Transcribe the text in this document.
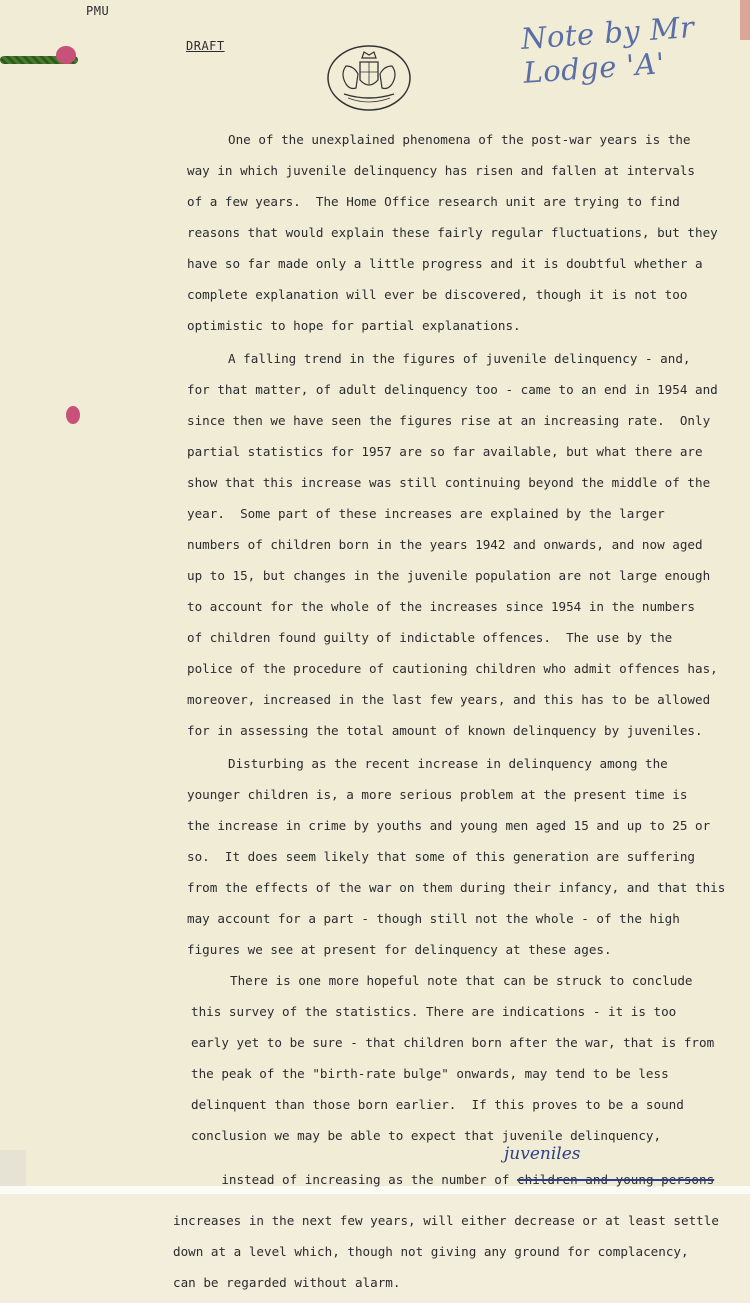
PMU
DRAFT	Note by Mr Lodge 'A'
One of the unexplained phenomena of the post-war years is the
way in which juvenile delinquency has risen and fallen at intervals
of a few years.  The Home Office research unit are trying to find
reasons that would explain these fairly regular fluctuations, but they
have so far made only a little progress and it is doubtful whether a
complete explanation will ever be discovered, though it is not too
optimistic to hope for partial explanations.
A falling trend in the figures of juvenile delinquency - and,
for that matter, of adult delinquency too - came to an end in 1954 and
since then we have seen the figures rise at an increasing rate.  Only
partial statistics for 1957 are so far available, but what there are
show that this increase was still continuing beyond the middle of the
year.  Some part of these increases are explained by the larger
numbers of children born in the years 1942 and onwards, and now aged
up to 15, but changes in the juvenile population are not large enough
to account for the whole of the increases since 1954 in the numbers
of children found guilty of indictable offences.  The use by the
police of the procedure of cautioning children who admit offences has,
moreover, increased in the last few years, and this has to be allowed
for in assessing the total amount of known delinquency by juveniles.
Disturbing as the recent increase in delinquency among the
younger children is, a more serious problem at the present time is
the increase in crime by youths and young men aged 15 and up to 25 or
so.  It does seem likely that some of this generation are suffering
from the effects of the war on them during their infancy, and that this
may account for a part - though still not the whole - of the high
figures we see at present for delinquency at these ages.
There is one more hopeful note that can be struck to conclude
this survey of the statistics. There are indications - it is too
early yet to be sure - that children born after the war, that is from
the peak of the "birth-rate bulge" onwards, may tend to be less
delinquent than those born earlier.  If this proves to be a sound
conclusion we may be able to expect that juvenile delinquency,

instead of increasing as the number of children and young persons

juveniles
increases in the next few years, will either decrease or at least settle
down at a level which, though not giving any ground for complacency,
can be regarded without alarm.
